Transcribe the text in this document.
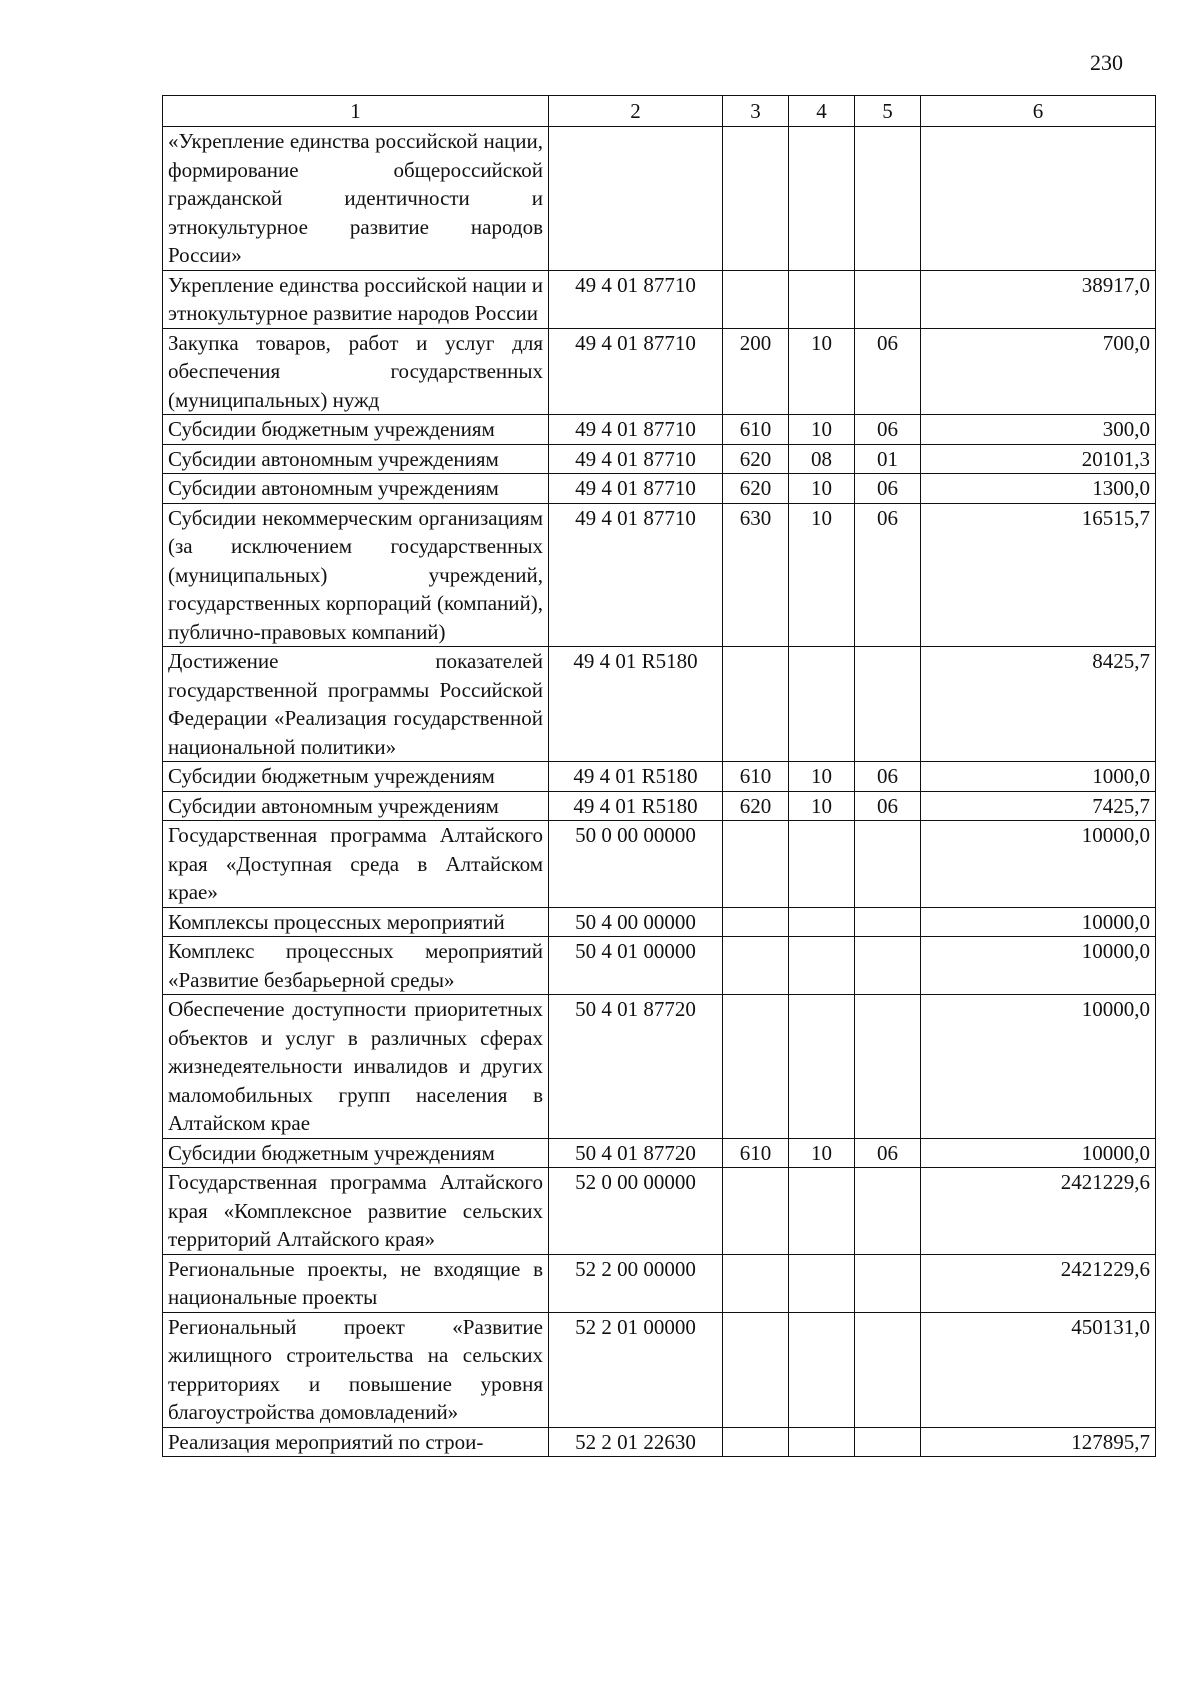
230
1	2	3	4	5	6
«Укрепление единства российской нации, формирование общероссийской гражданской идентичности и этнокультурное развитие народов России»					
Укрепление единства российской нации и этнокультурное развитие народов России	49 4 01 87710				38917,0
Закупка товаров, работ и услуг для обеспечения государственных (муниципальных) нужд	49 4 01 87710	200	10	06	700,0
Субсидии бюджетным учреждениям	49 4 01 87710	610	10	06	300,0
Субсидии автономным учреждениям	49 4 01 87710	620	08	01	20101,3
Субсидии автономным учреждениям	49 4 01 87710	620	10	06	1300,0
Субсидии некоммерческим организациям (за исключением государственных (муниципальных) учреждений, государственных корпораций (компаний), публично-правовых компаний)	49 4 01 87710	630	10	06	16515,7
Достижение показателей государственной программы Российской Федерации «Реализация государственной национальной политики»	49 4 01 R5180				8425,7
Субсидии бюджетным учреждениям	49 4 01 R5180	610	10	06	1000,0
Субсидии автономным учреждениям	49 4 01 R5180	620	10	06	7425,7
Государственная программа Алтайского края «Доступная среда в Алтайском крае»	50 0 00 00000				10000,0
Комплексы процессных мероприятий	50 4 00 00000				10000,0
Комплекс процессных мероприятий «Развитие безбарьерной среды»	50 4 01 00000				10000,0
Обеспечение доступности приоритетных объектов и услуг в различных сферах жизнедеятельности инвалидов и других маломобильных групп населения в Алтайском крае	50 4 01 87720				10000,0
Субсидии бюджетным учреждениям	50 4 01 87720	610	10	06	10000,0
Государственная программа Алтайского края «Комплексное развитие сельских территорий Алтайского края»	52 0 00 00000				2421229,6
Региональные проекты, не входящие в национальные проекты	52 2 00 00000				2421229,6
Региональный проект «Развитие жилищного строительства на сельских территориях и повышение уровня благоустройства домовладений»	52 2 01 00000				450131,0
Реализация мероприятий по строи-	52 2 01 22630				127895,7
